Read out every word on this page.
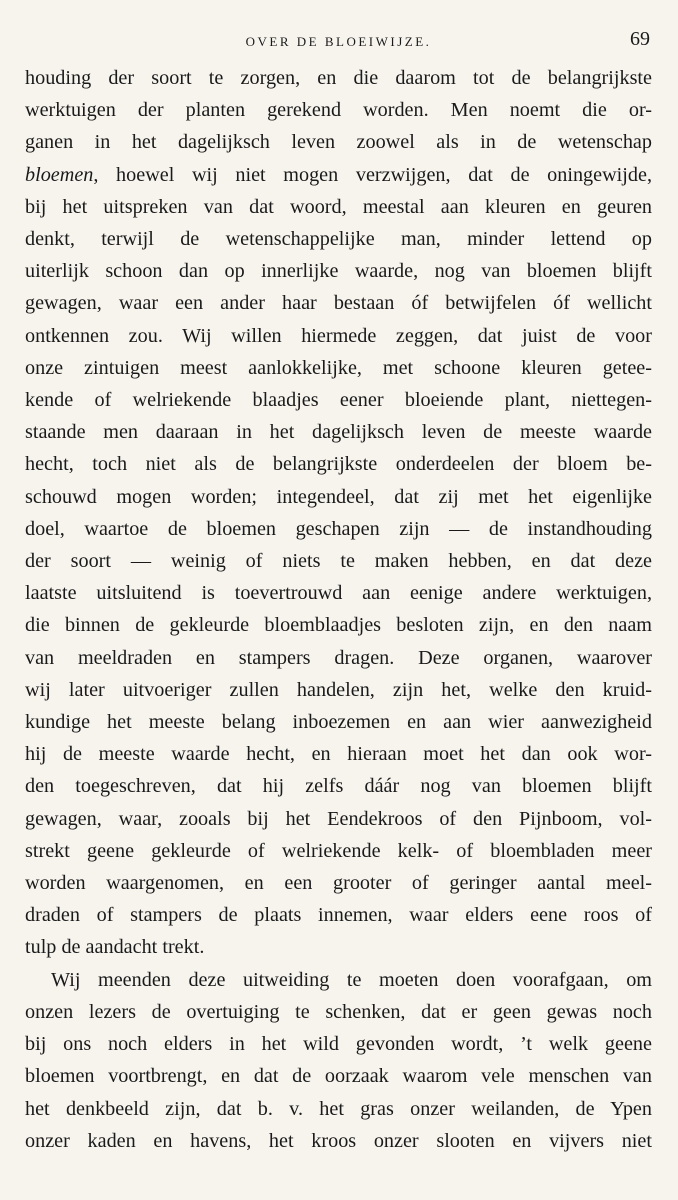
OVER DE BLOEIWIJZE.	69
houding der soort te zorgen, en die daarom tot de belangrijkste
werktuigen der planten gerekend worden. Men noemt die or-
ganen in het dagelijksch leven zoowel als in de wetenschap
bloemen, hoewel wij niet mogen verzwijgen, dat de oningewijde,
bij het uitspreken van dat woord, meestal aan kleuren en geuren
denkt, terwijl de wetenschappelijke man, minder lettend op
uiterlijk schoon dan op innerlijke waarde, nog van bloemen blijft
gewagen, waar een ander haar bestaan óf betwijfelen óf wellicht
ontkennen zou. Wij willen hiermede zeggen, dat juist de voor
onze zintuigen meest aanlokkelijke, met schoone kleuren getee-
kende of welriekende blaadjes eener bloeiende plant, niettegen-
staande men daaraan in het dagelijksch leven de meeste waarde
hecht, toch niet als de belangrijkste onderdeelen der bloem be-
schouwd mogen worden; integendeel, dat zij met het eigenlijke
doel, waartoe de bloemen geschapen zijn — de instandhouding
der soort — weinig of niets te maken hebben, en dat deze
laatste uitsluitend is toevertrouwd aan eenige andere werktuigen,
die binnen de gekleurde bloemblaadjes besloten zijn, en den naam
van meeldraden en stampers dragen. Deze organen, waarover
wij later uitvoeriger zullen handelen, zijn het, welke den kruid-
kundige het meeste belang inboezemen en aan wier aanwezigheid
hij de meeste waarde hecht, en hieraan moet het dan ook wor-
den toegeschreven, dat hij zelfs dáár nog van bloemen blijft
gewagen, waar, zooals bij het Eendekroos of den Pijnboom, vol-
strekt geene gekleurde of welriekende kelk- of bloembladen meer
worden waargenomen, en een grooter of geringer aantal meel-
draden of stampers de plaats innemen, waar elders eene roos of
tulp de aandacht trekt.
Wij meenden deze uitweiding te moeten doen voorafgaan, om
onzen lezers de overtuiging te schenken, dat er geen gewas noch
bij ons noch elders in het wild gevonden wordt, ’t welk geene
bloemen voortbrengt, en dat de oorzaak waarom vele menschen van
het denkbeeld zijn, dat b. v. het gras onzer weilanden, de Ypen
onzer kaden en havens, het kroos onzer slooten en vijvers niet
